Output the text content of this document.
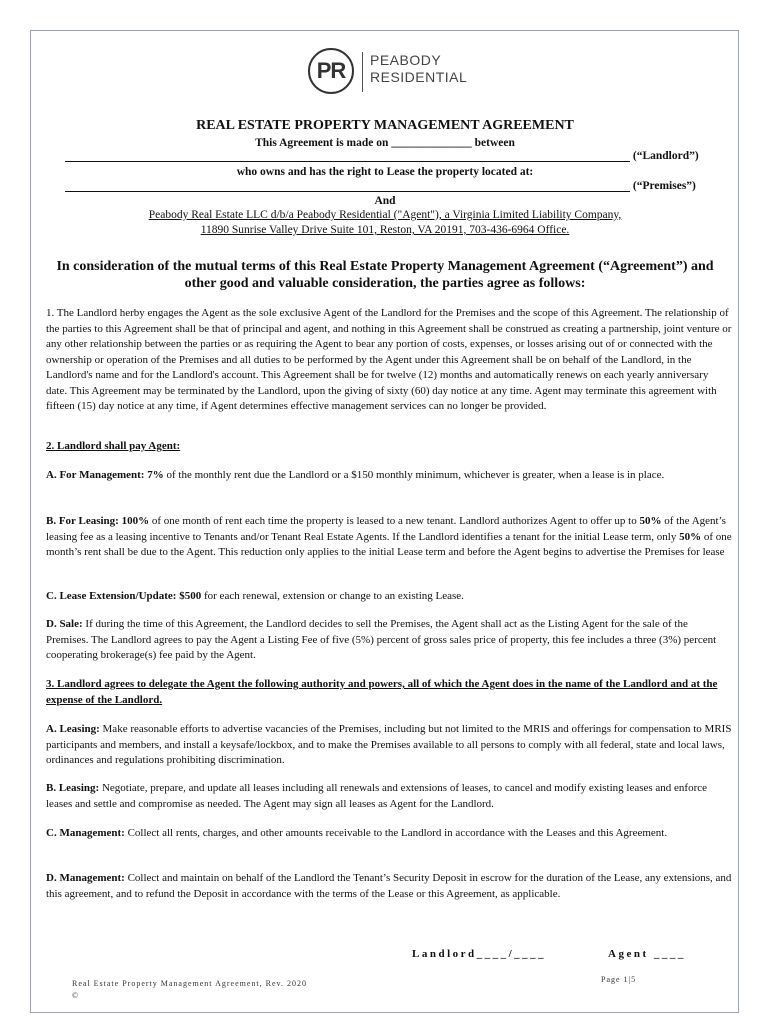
PR	PEABODY
RESIDENTIAL
REAL ESTATE PROPERTY MANAGEMENT AGREEMENT
This Agreement is made on ______________ between
(“Landlord”)
who owns and has the right to Lease the property located at:
(“Premises”)
And
Peabody Real Estate LLC d/b/a Peabody Residential ("Agent"), a Virginia Limited Liability Company,
11890 Sunrise Valley Drive Suite 101, Reston, VA 20191, 703-436-6964 Office.
In consideration of the mutual terms of this Real Estate Property Management Agreement (“Agreement”) and other good and valuable consideration, the parties agree as follows:
1. The Landlord herby engages the Agent as the sole exclusive Agent of the Landlord for the Premises and the scope of this Agreement. The relationship of the parties to this Agreement shall be that of principal and agent, and nothing in this Agreement shall be construed as creating a partnership, joint venture or any other relationship between the parties or as requiring the Agent to bear any portion of costs, expenses, or losses arising out of or connected with the ownership or operation of the Premises and all duties to be performed by the Agent under this Agreement shall be on behalf of the Landlord, in the Landlord's name and for the Landlord's account. This Agreement shall be for twelve (12) months and automatically renews on each yearly anniversary date. This Agreement may be terminated by the Landlord, upon the giving of sixty (60) day notice at any time. Agent may terminate this agreement with fifteen (15) day notice at any time, if Agent determines effective management services can no longer be provided.
2. Landlord shall pay Agent:
A. For Management: 7% of the monthly rent due the Landlord or a $150 monthly minimum, whichever is greater, when a lease is in place.
B. For Leasing: 100% of one month of rent each time the property is leased to a new tenant. Landlord authorizes Agent to offer up to 50% of the Agent’s leasing fee as a leasing incentive to Tenants and/or Tenant Real Estate Agents. If the Landlord identifies a tenant for the initial Lease term, only 50% of one month’s rent shall be due to the Agent. This reduction only applies to the initial Lease term and before the Agent begins to advertise the Premises for lease
C. Lease Extension/Update: $500 for each renewal, extension or change to an existing Lease.
D. Sale: If during the time of this Agreement, the Landlord decides to sell the Premises, the Agent shall act as the Listing Agent for the sale of the Premises. The Landlord agrees to pay the Agent a Listing Fee of five (5%) percent of gross sales price of property, this fee includes a three (3%) percent cooperating brokerage(s) fee paid by the Agent.
3. Landlord agrees to delegate the Agent the following authority and powers, all of which the Agent does in the name of the Landlord and at the expense of the Landlord.
A. Leasing: Make reasonable efforts to advertise vacancies of the Premises, including but not limited to the MRIS and offerings for compensation to MRIS participants and members, and install a keysafe/lockbox, and to make the Premises available to all persons to comply with all federal, state and local laws, ordinances and regulations prohibiting discrimination.
B. Leasing: Negotiate, prepare, and update all leases including all renewals and extensions of leases, to cancel and modify existing leases and enforce leases and settle and compromise as needed. The Agent may sign all leases as Agent for the Landlord.
C. Management: Collect all rents, charges, and other amounts receivable to the Landlord in accordance with the Leases and this Agreement.
D. Management: Collect and maintain on behalf of the Landlord the Tenant’s Security Deposit in escrow for the duration of the Lease, any extensions, and this agreement, and to refund the Deposit in accordance with the terms of the Lease or this Agreement, as applicable.
Landlord____/____	Agent ____
Real Estate Property Management Agreement, Rev. 2020
©
Page 1|5
